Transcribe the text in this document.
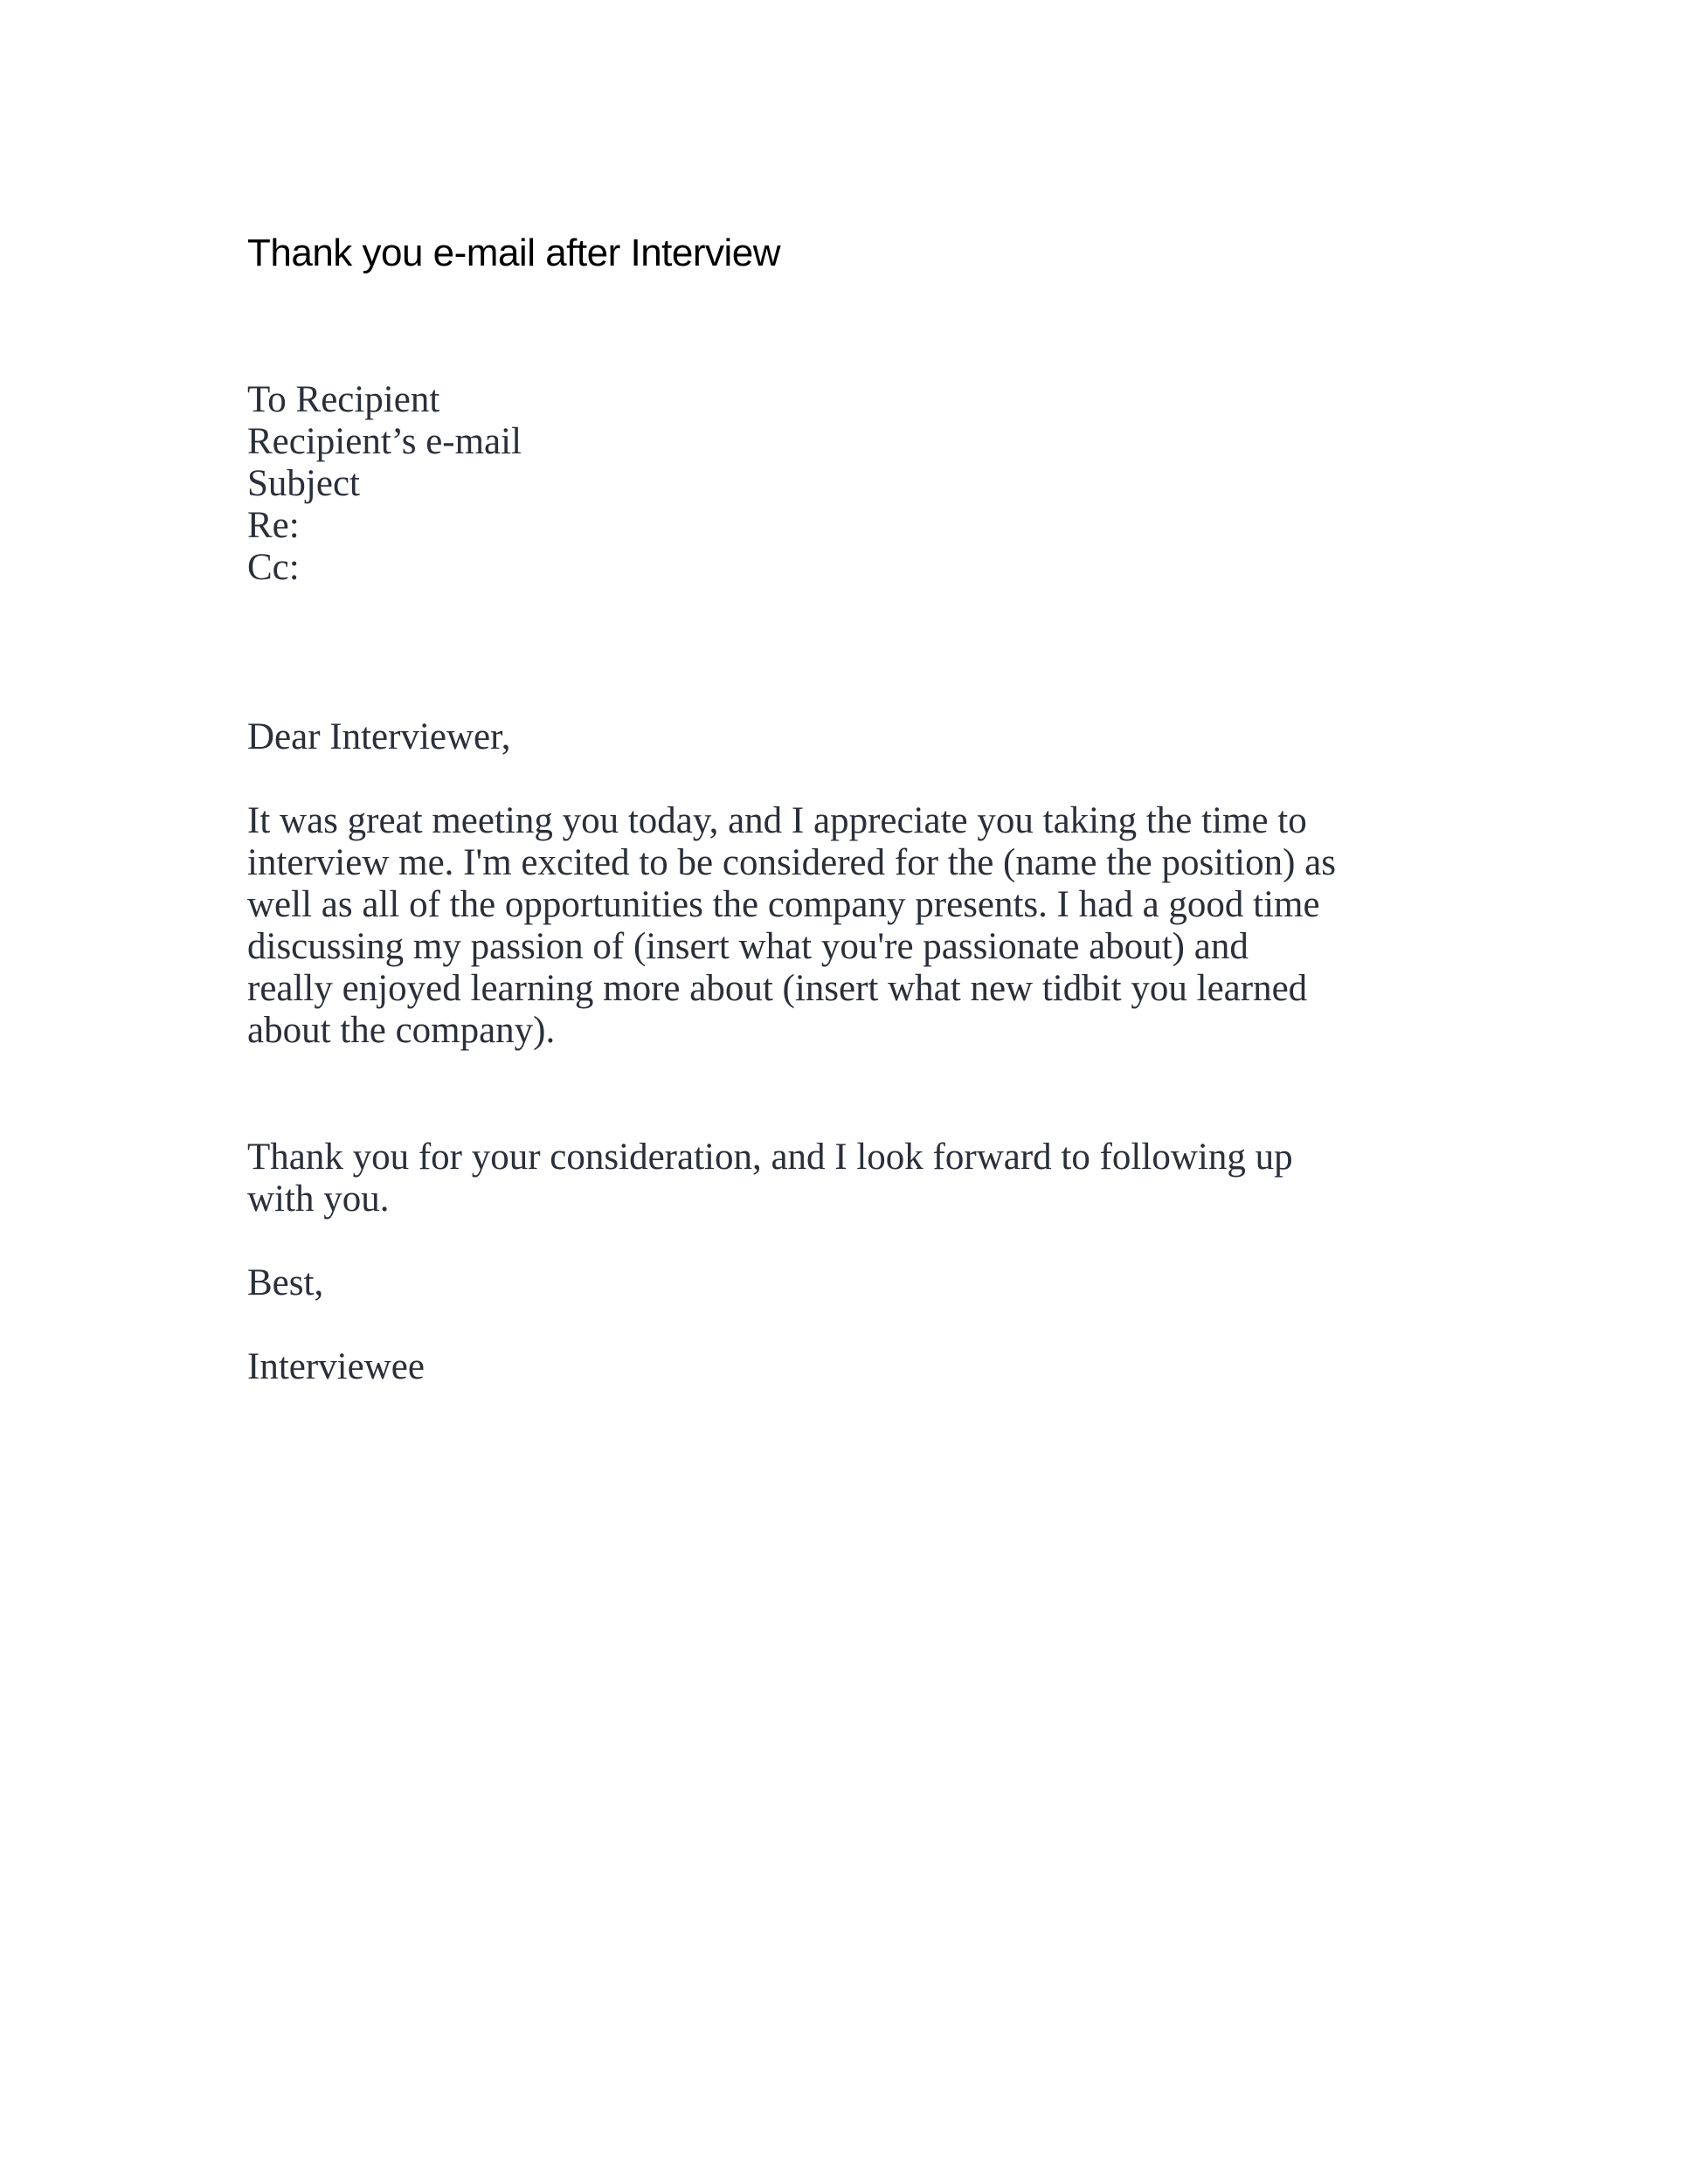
Thank you e-mail after Interview
To Recipient
Recipient’s e-mail
Subject
Re:
Cc:

Dear Interviewer,

It was great meeting you today, and I appreciate you taking the time to
interview me. I'm excited to be considered for the (name the position) as
well as all of the opportunities the company presents. I had a good time
discussing my passion of (insert what you're passionate about) and
really enjoyed learning more about (insert what new tidbit you learned
about the company).

Thank you for your consideration, and I look forward to following up
with you.

Best,

Interviewee
